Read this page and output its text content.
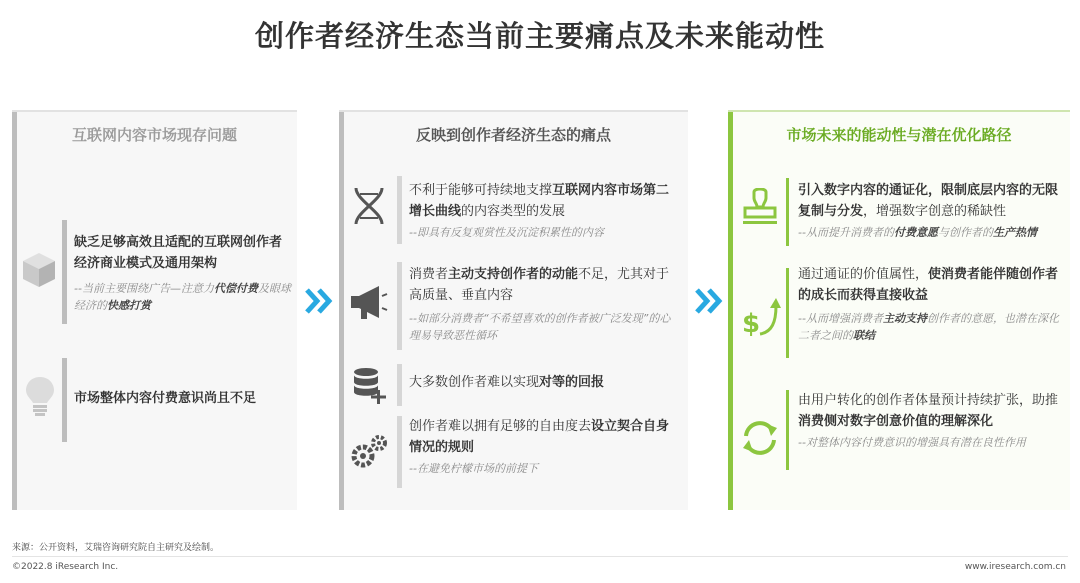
创作者经济生态当前主要痛点及未来能动性
互联网内容市场现存问题
缺乏足够高效且适配的互联网创作者经济商业模式及通用架构
--当前主要围绕广告—注意力代偿付费及眼球经济的快感打赏
市场整体内容付费意识尚且不足
反映到创作者经济生态的痛点
不利于能够可持续地支撑互联网内容市场第二增长曲线的内容类型的发展
--即具有反复观赏性及沉淀积累性的内容
消费者主动支持创作者的动能不足，尤其对于高质量、垂直内容
--如部分消费者“不希望喜欢的创作者被广泛发现”的心理易导致恶性循环
大多数创作者难以实现对等的回报
创作者难以拥有足够的自由度去设立契合自身情况的规则
--在避免柠檬市场的前提下
市场未来的能动性与潜在优化路径
引入数字内容的通证化，限制底层内容的无限复制与分发，增强数字创意的稀缺性
--从而提升消费者的付费意愿与创作者的生产热情
$
通过通证的价值属性，使消费者能伴随创作者的成长而获得直接收益
--从而增强消费者主动支持创作者的意愿，也潜在深化二者之间的联结
由用户转化的创作者体量预计持续扩张，助推消费侧对数字创意价值的理解深化
--对整体内容付费意识的增强具有潜在良性作用
来源：公开资料，艾瑞咨询研究院自主研究及绘制。
©2022.8 iResearch Inc.	www.iresearch.com.cn
